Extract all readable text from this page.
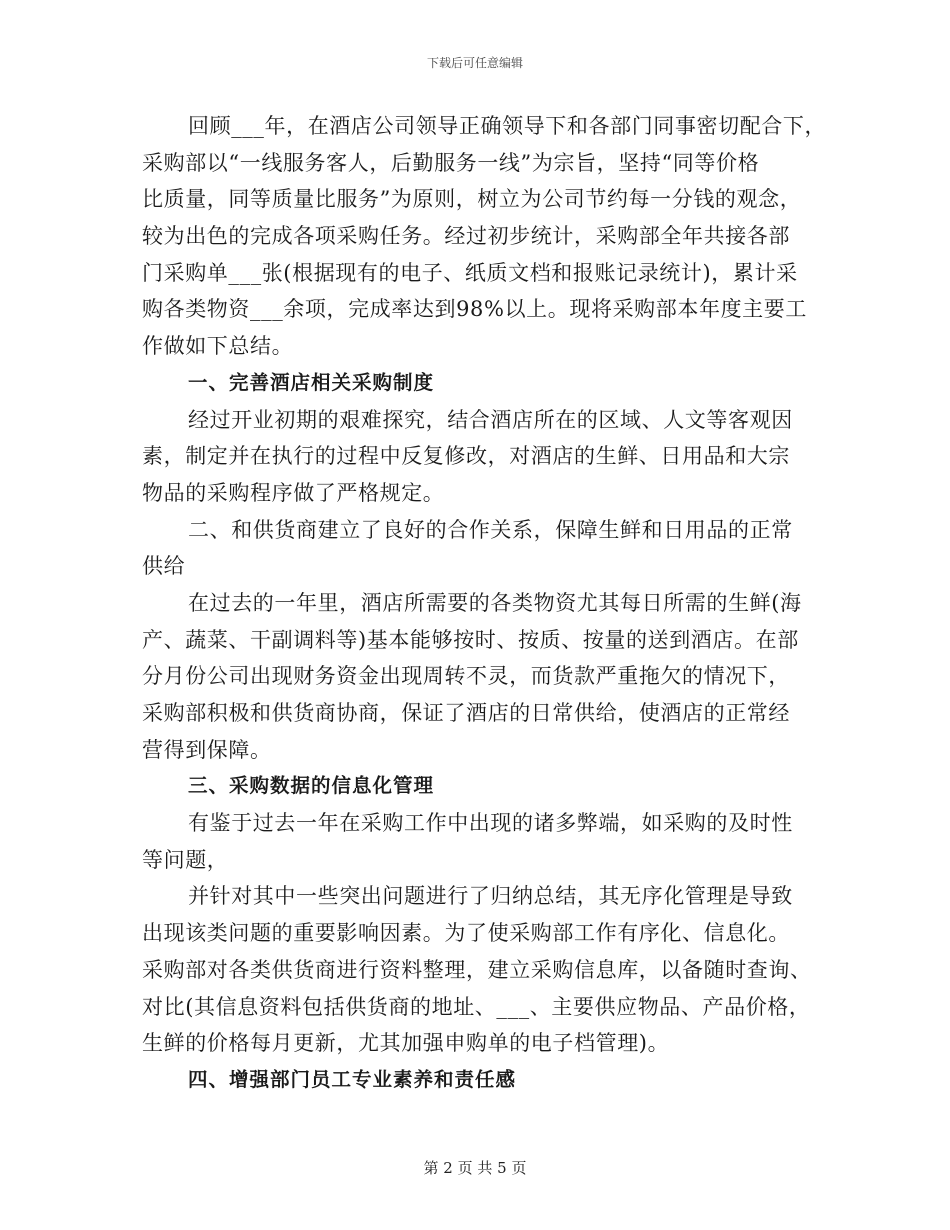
下载后可任意编辑
回顾___年，在酒店公司领导正确领导下和各部门同事密切配合下，
采购部以“一线服务客人，后勤服务一线”为宗旨，坚持“同等价格
比质量，同等质量比服务”为原则，树立为公司节约每一分钱的观念，
较为出色的完成各项采购任务。经过初步统计，采购部全年共接各部
门采购单___张(根据现有的电子、纸质文档和报账记录统计)，累计采
购各类物资___余项，完成率达到98%以上。现将采购部本年度主要工
作做如下总结。
一、完善酒店相关采购制度
经过开业初期的艰难探究，结合酒店所在的区域、人文等客观因
素，制定并在执行的过程中反复修改，对酒店的生鲜、日用品和大宗
物品的采购程序做了严格规定。
二、和供货商建立了良好的合作关系，保障生鲜和日用品的正常
供给
在过去的一年里，酒店所需要的各类物资尤其每日所需的生鲜(海
产、蔬菜、干副调料等)基本能够按时、按质、按量的送到酒店。在部
分月份公司出现财务资金出现周转不灵，而货款严重拖欠的情况下，
采购部积极和供货商协商，保证了酒店的日常供给，使酒店的正常经
营得到保障。
三、采购数据的信息化管理
有鉴于过去一年在采购工作中出现的诸多弊端，如采购的及时性
等问题，
并针对其中一些突出问题进行了归纳总结，其无序化管理是导致
出现该类问题的重要影响因素。为了使采购部工作有序化、信息化。
采购部对各类供货商进行资料整理，建立采购信息库，以备随时查询、
对比(其信息资料包括供货商的地址、___、主要供应物品、产品价格，
生鲜的价格每月更新，尤其加强申购单的电子档管理)。
四、增强部门员工专业素养和责任感
第 2 页 共 5 页
